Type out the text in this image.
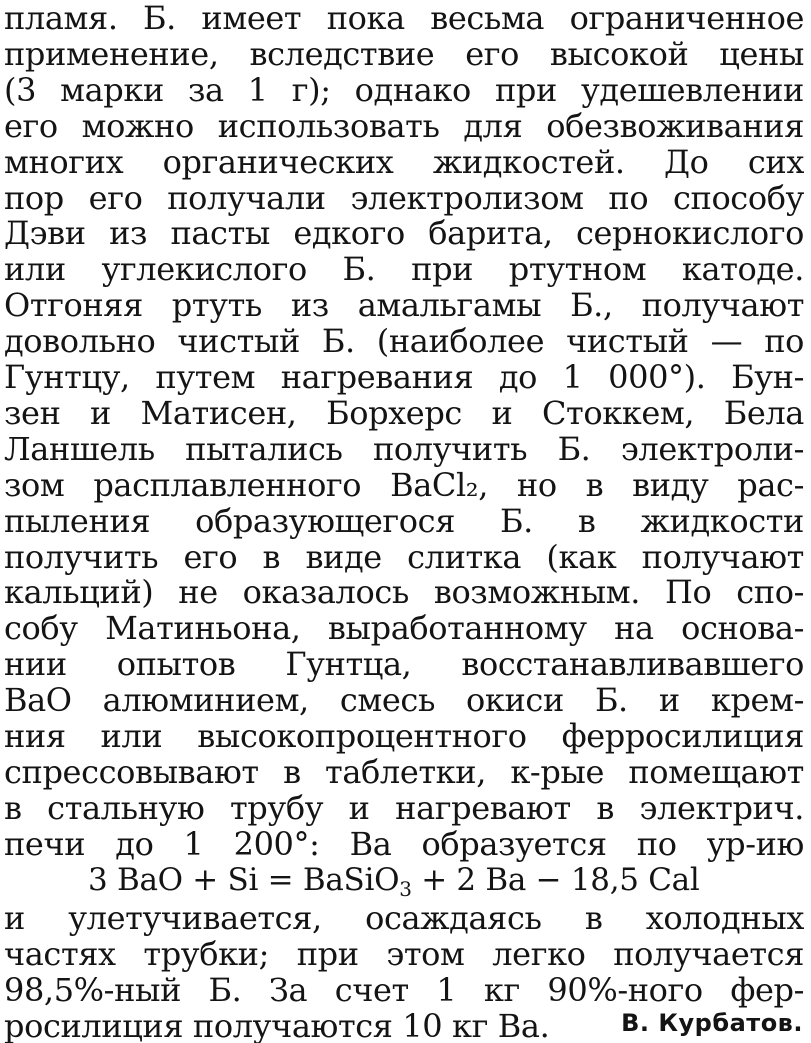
пламя. Б. имеет пока весьма ограниченное
применение, вследствие его высокой цены
(3 марки за 1 г); однако при удешевлении
его можно использовать для обезвоживания
многих органических жидкостей. До сих
пор его получали электролизом по способу
Дэви из пасты едкого барита, сернокислого
или углекислого Б. при ртутном катоде.
Отгоняя ртуть из амальгамы Б., получают
довольно чистый Б. (наиболее чистый — по
Гунтцу, путем нагревания до 1 000°). Бун-
зен и Матисен, Борхерс и Стоккем, Бела
Ланшель пытались получить Б. электроли-
зом расплавленного BaCl₂, но в виду рас-
пыления образующегося Б. в жидкости
получить его в виде слитка (как получают
кальций) не оказалось возможным. По спо-
собу Матиньона, выработанному на основа-
нии опытов Гунтца, восстанавливавшего
BaO алюминием, смесь окиси Б. и крем-
ния или высокопроцентного ферросилиция
спрессовывают в таблетки, к-рые помещают
в стальную трубу и нагревают в электрич.
печи до 1 200°: Ва образуется по ур-ию
3 BaO + Si = BaSiO$_3$ + 2 Ba − 18,5 Cal
и улетучивается, осаждаясь в холодных
частях трубки; при этом легко получается
98,5%-ный Б. За счет 1 кг 90%-ного фер-
росилиция получаются 10 кг Ва.	В. Курбатов.
